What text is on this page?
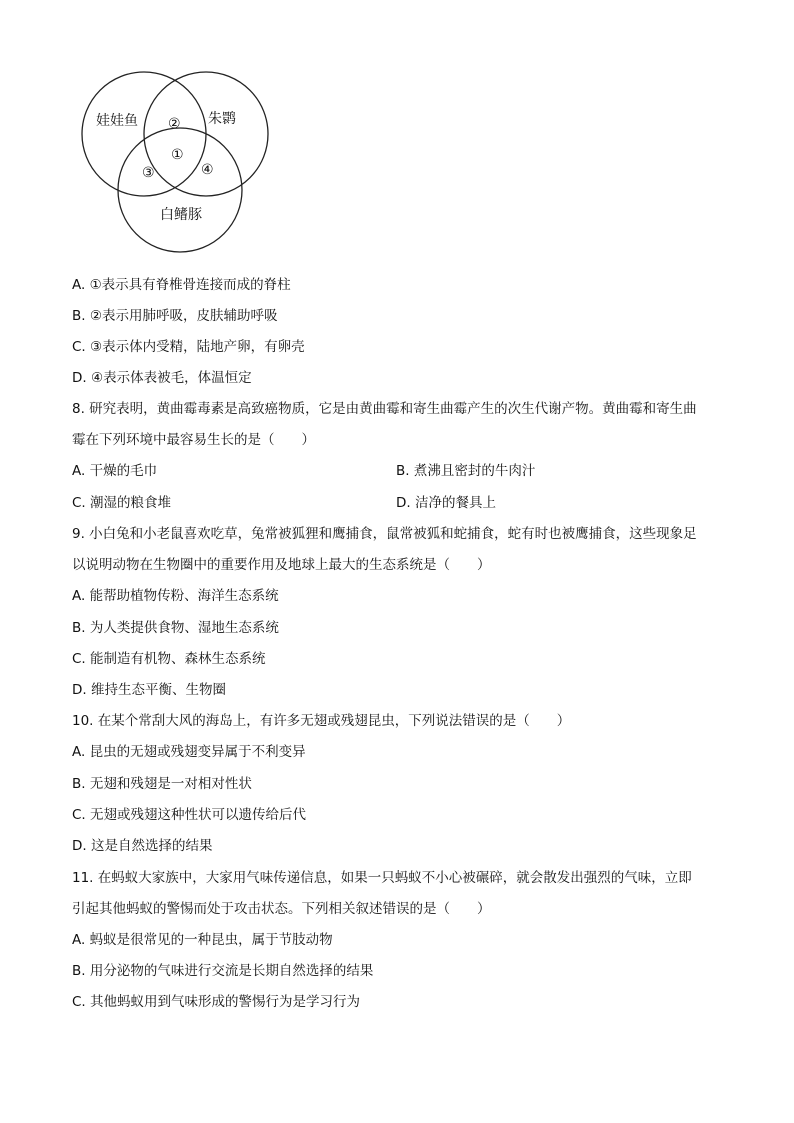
娃娃鱼	朱鹮
白鳍豚
①
②
③	④
A. ①表示具有脊椎骨连接而成的脊柱
B. ②表示用肺呼吸，皮肤辅助呼吸
C. ③表示体内受精，陆地产卵，有卵壳
D. ④表示体表被毛，体温恒定
8. 研究表明，黄曲霉毒素是高致癌物质，它是由黄曲霉和寄生曲霉产生的次生代谢产物。黄曲霉和寄生曲
霉在下列环境中最容易生长的是（　　）
A. 干燥的毛巾	B. 煮沸且密封的牛肉汁
C. 潮湿的粮食堆	D. 洁净的餐具上
9. 小白兔和小老鼠喜欢吃草，兔常被狐狸和鹰捕食，鼠常被狐和蛇捕食，蛇有时也被鹰捕食，这些现象足
以说明动物在生物圈中的重要作用及地球上最大的生态系统是（　　）
A. 能帮助植物传粉、海洋生态系统
B. 为人类提供食物、湿地生态系统
C. 能制造有机物、森林生态系统
D. 维持生态平衡、生物圈
10. 在某个常刮大风的海岛上，有许多无翅或残翅昆虫，下列说法错误的是（　　）
A. 昆虫的无翅或残翅变异属于不利变异
B. 无翅和残翅是一对相对性状
C. 无翅或残翅这种性状可以遗传给后代
D. 这是自然选择的结果
11. 在蚂蚁大家族中，大家用气味传递信息，如果一只蚂蚁不小心被碾碎，就会散发出强烈的气味，立即
引起其他蚂蚁的警惕而处于攻击状态。下列相关叙述错误的是（　　）
A. 蚂蚁是很常见的一种昆虫，属于节肢动物
B. 用分泌物的气味进行交流是长期自然选择的结果
C. 其他蚂蚁用到气味形成的警惕行为是学习行为
